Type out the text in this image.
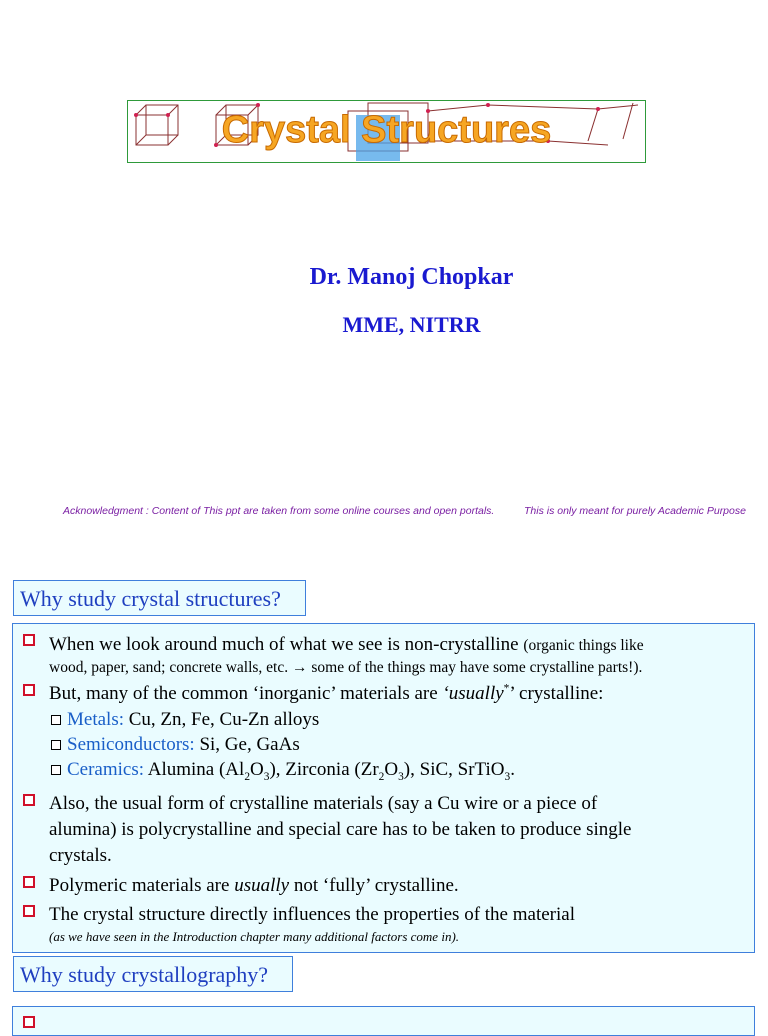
Crystal Structures
Dr. Manoj Chopkar
MME, NITRR
Acknowledgment : Content of This ppt are taken from some online courses and open portals.	This is only meant for purely Academic Purpose
Why study crystal structures?
When we look around much of what we see is non-crystalline (organic things like
wood, paper, sand; concrete walls, etc. → some of the things may have some crystalline parts!).
But, many of the common ‘inorganic’ materials are ‘usually*’ crystalline:
Metals: Cu, Zn, Fe, Cu-Zn alloys
Semiconductors: Si, Ge, GaAs
Ceramics: Alumina $(Al_2O_3)$, Zirconia $(Zr_2O_3)$, SiC, SrTiO$_3$.
Also, the usual form of crystalline materials (say a Cu wire or a piece of
alumina) is polycrystalline and special care has to be taken to produce single
crystals.
Polymeric materials are usually not ‘fully’ crystalline.
The crystal structure directly influences the properties of the material
(as we have seen in the Introduction chapter many additional factors come in).
Why study crystallography?
